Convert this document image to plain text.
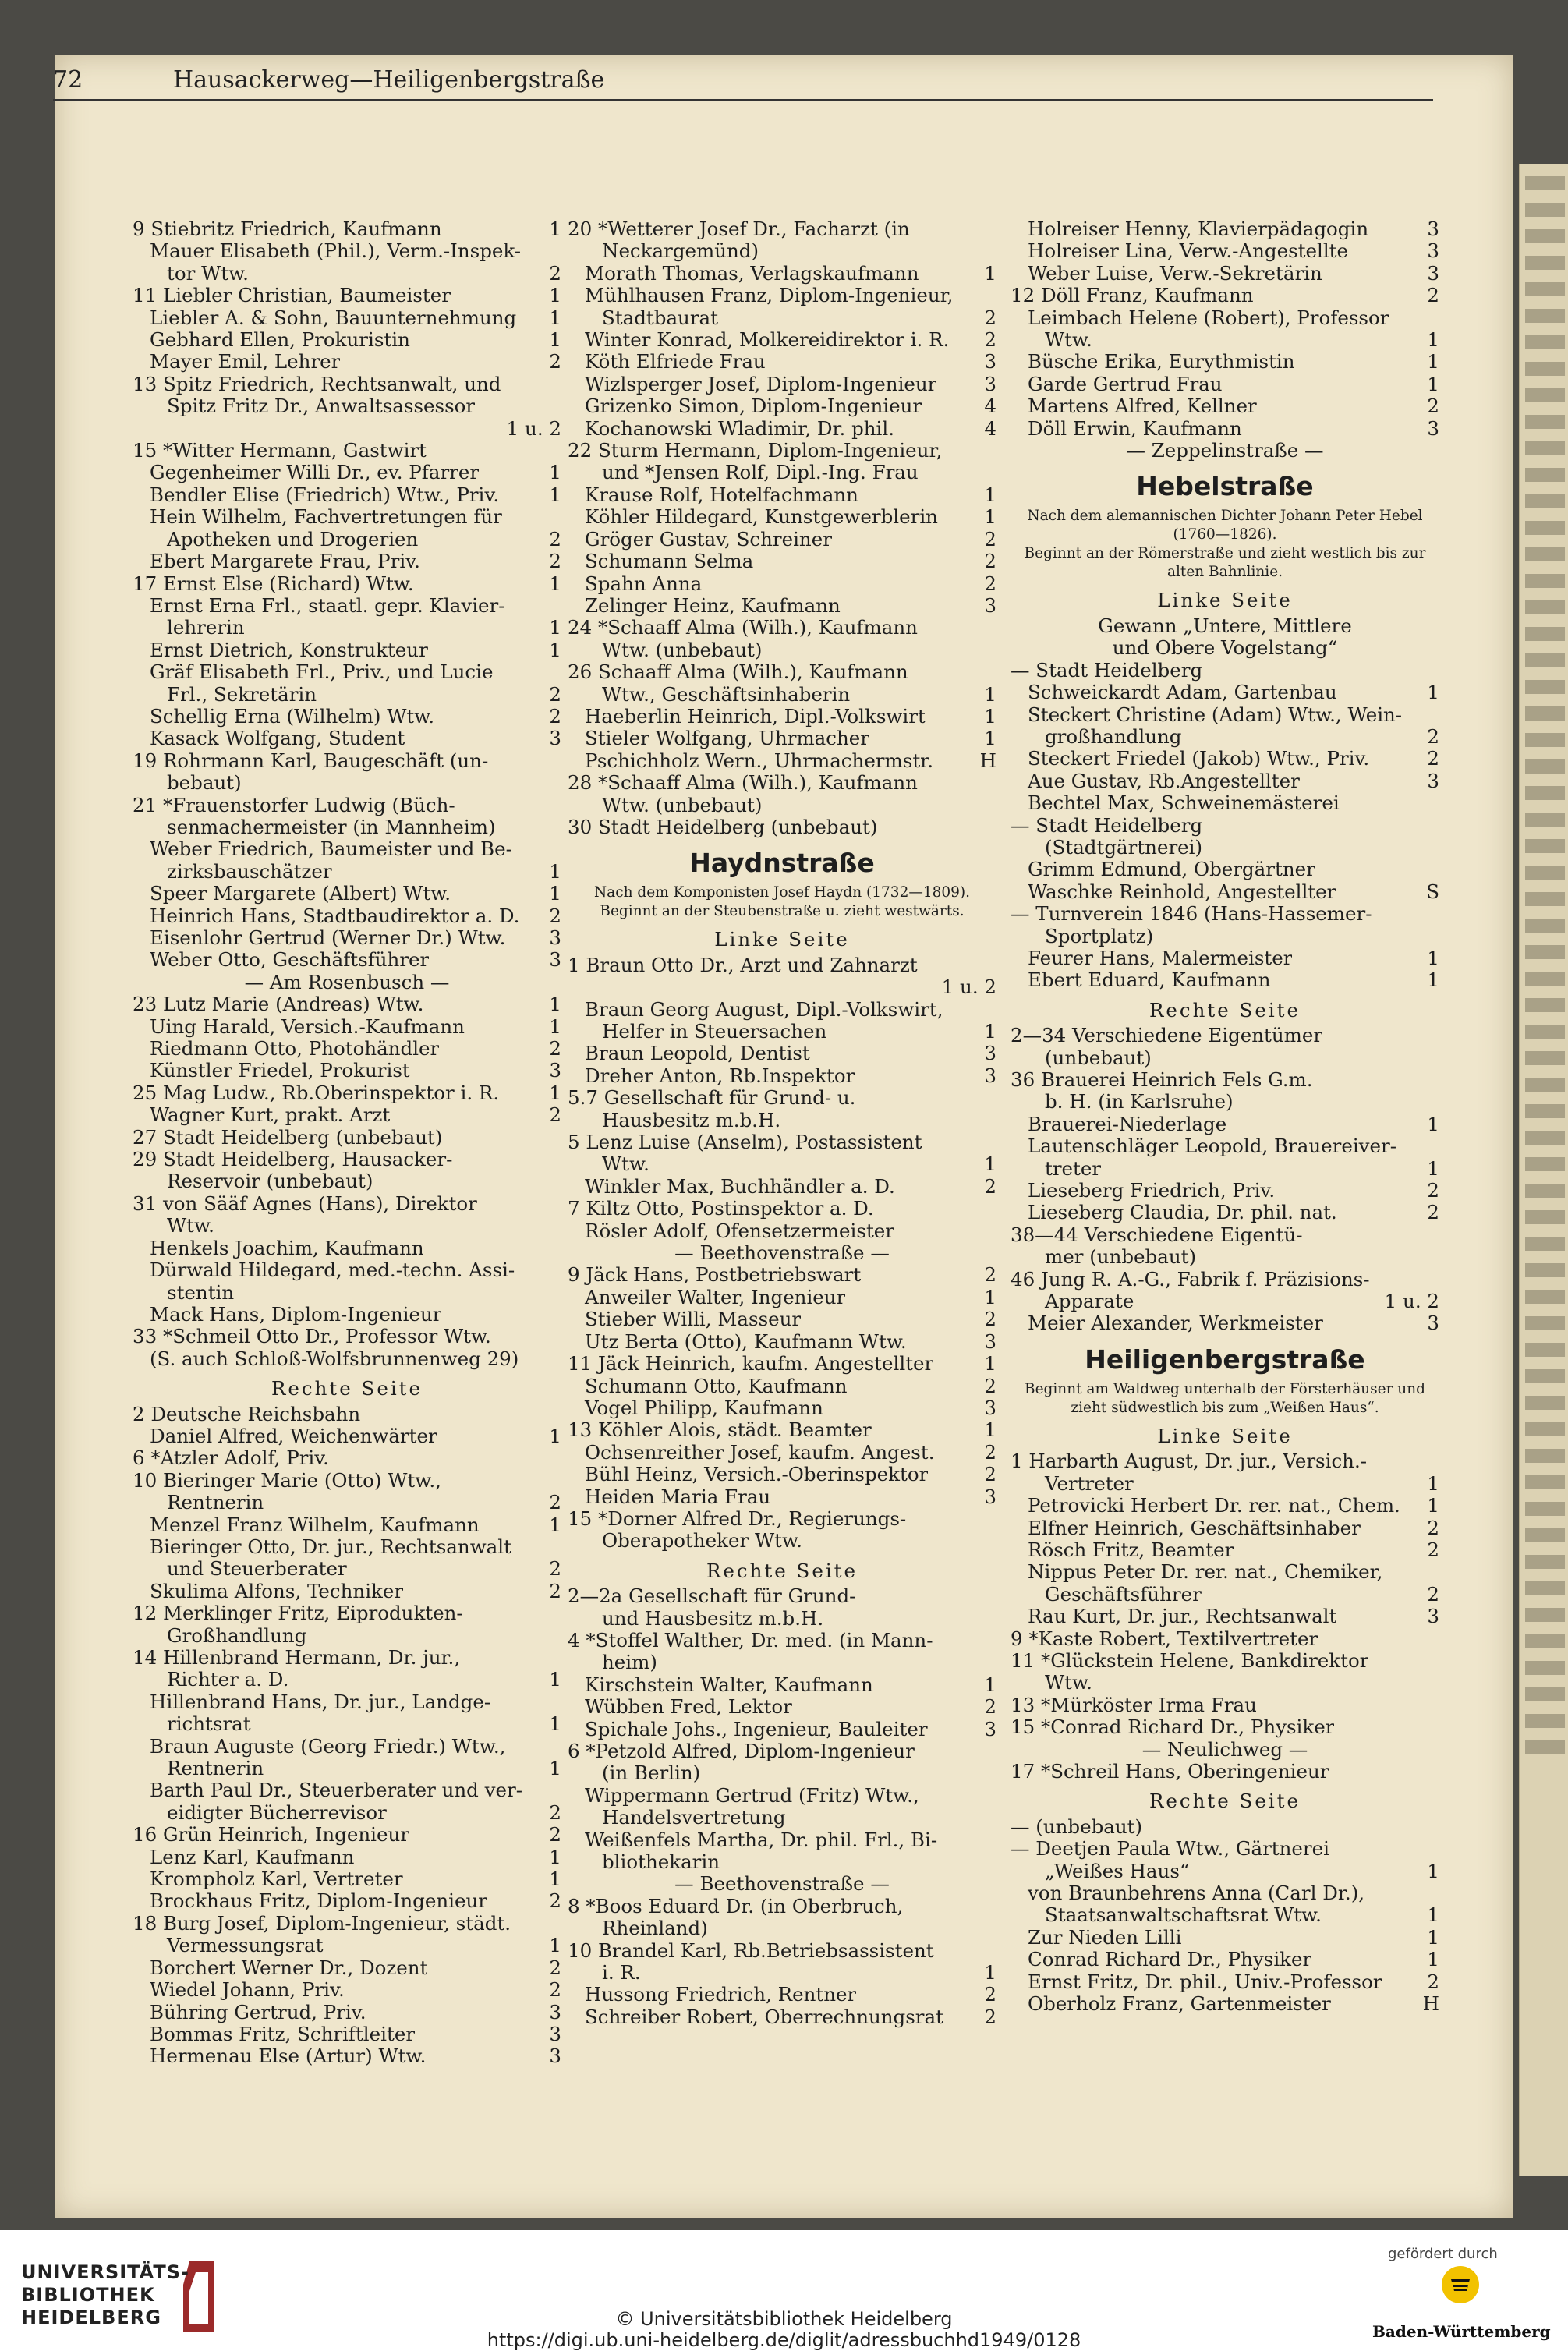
72	Hausackerweg—Heiligenbergstraße
9 Stiebritz Friedrich, Kaufmann	1
Mauer Elisabeth (Phil.), Verm.-Inspek-
tor Wtw.	2
11 Liebler Christian, Baumeister	1
Liebler A. & Sohn, Bauunternehmung 1
Gebhard Ellen, Prokuristin	1
Mayer Emil, Lehrer	2
13 Spitz Friedrich, Rechtsanwalt, und
Spitz Fritz Dr., Anwaltsassessor
1 u. 2
15 *Witter Hermann, Gastwirt
Gegenheimer Willi Dr., ev. Pfarrer	1
Bendler Elise (Friedrich) Wtw., Priv.	1
Hein Wilhelm, Fachvertretungen für
Apotheken und Drogerien	2
Ebert Margarete Frau, Priv.	2
17 Ernst Else (Richard) Wtw.	1
Ernst Erna Frl., staatl. gepr. Klavier-
lehrerin	1
Ernst Dietrich, Konstrukteur	1
Gräf Elisabeth Frl., Priv., und Lucie
Frl., Sekretärin	2
Schellig Erna (Wilhelm) Wtw.	2
Kasack Wolfgang, Student	3
19 Rohrmann Karl, Baugeschäft (un-
bebaut)
21 *Frauenstorfer Ludwig (Büch-
senmachermeister (in Mannheim)
Weber Friedrich, Baumeister und Be-
zirksbauschätzer	1
Speer Margarete (Albert) Wtw.	1
Heinrich Hans, Stadtbaudirektor a. D. 2
Eisenlohr Gertrud (Werner Dr.) Wtw. 3
Weber Otto, Geschäftsführer	3
— Am Rosenbusch —
23 Lutz Marie (Andreas) Wtw.	1
Uing Harald, Versich.-Kaufmann	1
Riedmann Otto, Photohändler	2
Künstler Friedel, Prokurist	3
25 Mag Ludw., Rb.Oberinspektor i. R.	1
Wagner Kurt, prakt. Arzt	2
27 Stadt Heidelberg (unbebaut)
29 Stadt Heidelberg, Hausacker-
Reservoir (unbebaut)
31 von Sääf Agnes (Hans), Direktor
Wtw.
Henkels Joachim, Kaufmann
Dürwald Hildegard, med.-techn. Assi-
stentin
Mack Hans, Diplom-Ingenieur
33 *Schmeil Otto Dr., Professor Wtw.
(S. auch Schloß-Wolfsbrunnenweg 29)
Rechte Seite
2 Deutsche Reichsbahn
Daniel Alfred, Weichenwärter	1
6 *Atzler Adolf, Priv.
10 Bieringer Marie (Otto) Wtw.,
Rentnerin	2
Menzel Franz Wilhelm, Kaufmann	1
Bieringer Otto, Dr. jur., Rechtsanwalt
und Steuerberater	2
Skulima Alfons, Techniker	2
12 Merklinger Fritz, Eiprodukten-
Großhandlung
14 Hillenbrand Hermann, Dr. jur.,
Richter a. D.	1
Hillenbrand Hans, Dr. jur., Landge-
richtsrat	1
Braun Auguste (Georg Friedr.) Wtw.,
Rentnerin	1
Barth Paul Dr., Steuerberater und ver-
eidigter Bücherrevisor	2
16 Grün Heinrich, Ingenieur	2
Lenz Karl, Kaufmann	1
Krompholz Karl, Vertreter	1
Brockhaus Fritz, Diplom-Ingenieur	2
18 Burg Josef, Diplom-Ingenieur, städt.
Vermessungsrat	1
Borchert Werner Dr., Dozent	2
Wiedel Johann, Priv.	2
Bühring Gertrud, Priv.	3
Bommas Fritz, Schriftleiter	3
Hermenau Else (Artur) Wtw.	3
20 *Wetterer Josef Dr., Facharzt (in
Neckargemünd)
Morath Thomas, Verlagskaufmann	1
Mühlhausen Franz, Diplom-Ingenieur,
Stadtbaurat	2
Winter Konrad, Molkereidirektor i. R. 2
Köth Elfriede Frau	3
Wizlsperger Josef, Diplom-Ingenieur 3
Grizenko Simon, Diplom-Ingenieur	4
Kochanowski Wladimir, Dr. phil.	4
22 Sturm Hermann, Diplom-Ingenieur,
und *Jensen Rolf, Dipl.-Ing. Frau
Krause Rolf, Hotelfachmann	1
Köhler Hildegard, Kunstgewerblerin 1
Gröger Gustav, Schreiner	2
Schumann Selma	2
Spahn Anna	2
Zelinger Heinz, Kaufmann	3
24 *Schaaff Alma (Wilh.), Kaufmann
Wtw. (unbebaut)
26 Schaaff Alma (Wilh.), Kaufmann
Wtw., Geschäftsinhaberin	1
Haeberlin Heinrich, Dipl.-Volkswirt	1
Stieler Wolfgang, Uhrmacher	1
Pschichholz Wern., Uhrmachermstr. H
28 *Schaaff Alma (Wilh.), Kaufmann
Wtw. (unbebaut)
30 Stadt Heidelberg (unbebaut)
Haydnstraße
Nach dem Komponisten Josef Haydn (1732—1809). Beginnt an der Steubenstraße u. zieht westwärts.
Linke Seite
1 Braun Otto Dr., Arzt und Zahnarzt
1 u. 2
Braun Georg August, Dipl.-Volkswirt,
Helfer in Steuersachen	1
Braun Leopold, Dentist	3
Dreher Anton, Rb.Inspektor	3
5.7 Gesellschaft für Grund- u.
Hausbesitz m.b.H.
5 Lenz Luise (Anselm), Postassistent
Wtw.	1
Winkler Max, Buchhändler a. D.	2
7 Kiltz Otto, Postinspektor a. D.
Rösler Adolf, Ofensetzermeister
— Beethovenstraße —
9 Jäck Hans, Postbetriebswart	2
Anweiler Walter, Ingenieur	1
Stieber Willi, Masseur	2
Utz Berta (Otto), Kaufmann Wtw.	3
11 Jäck Heinrich, kaufm. Angestellter	1
Schumann Otto, Kaufmann	2
Vogel Philipp, Kaufmann	3
13 Köhler Alois, städt. Beamter	1
Ochsenreither Josef, kaufm. Angest.	2
Bühl Heinz, Versich.-Oberinspektor	2
Heiden Maria Frau	3
15 *Dorner Alfred Dr., Regierungs-
Oberapotheker Wtw.
Rechte Seite
2—2a Gesellschaft für Grund-
und Hausbesitz m.b.H.
4 *Stoffel Walther, Dr. med. (in Mann-
heim)
Kirschstein Walter, Kaufmann	1
Wübben Fred, Lektor	2
Spichale Johs., Ingenieur, Bauleiter	3
6 *Petzold Alfred, Diplom-Ingenieur
(in Berlin)
Wippermann Gertrud (Fritz) Wtw.,
Handelsvertretung
Weißenfels Martha, Dr. phil. Frl., Bi-
bliothekarin
— Beethovenstraße —
8 *Boos Eduard Dr. (in Oberbruch,
Rheinland)
10 Brandel Karl, Rb.Betriebsassistent
i. R.	1
Hussong Friedrich, Rentner	2
Schreiber Robert, Oberrechnungsrat 2
Holreiser Henny, Klavierpädagogin	3
Holreiser Lina, Verw.-Angestellte	3
Weber Luise, Verw.-Sekretärin	3
12 Döll Franz, Kaufmann	2
Leimbach Helene (Robert), Professor
Wtw.	1
Büsche Erika, Eurythmistin	1
Garde Gertrud Frau	1
Martens Alfred, Kellner	2
Döll Erwin, Kaufmann	3
— Zeppelinstraße —
Hebelstraße
Nach dem alemannischen Dichter Johann Peter Hebel (1760—1826).
Beginnt an der Römerstraße und zieht westlich bis zur alten Bahnlinie.
Linke Seite
Gewann „Untere, Mittlere
und Obere Vogelstang“
— Stadt Heidelberg
Schweickardt Adam, Gartenbau	1
Steckert Christine (Adam) Wtw., Wein-
großhandlung	2
Steckert Friedel (Jakob) Wtw., Priv.	2
Aue Gustav, Rb.Angestellter	3
Bechtel Max, Schweinemästerei
— Stadt Heidelberg
(Stadtgärtnerei)
Grimm Edmund, Obergärtner
Waschke Reinhold, Angestellter	S
— Turnverein 1846 (Hans-Hassemer-
Sportplatz)
Feurer Hans, Malermeister	1
Ebert Eduard, Kaufmann	1
Rechte Seite
2—34 Verschiedene Eigentümer
(unbebaut)
36 Brauerei Heinrich Fels G.m.
b. H. (in Karlsruhe)
Brauerei-Niederlage	1
Lautenschläger Leopold, Brauereiver-
treter	1
Lieseberg Friedrich, Priv.	2
Lieseberg Claudia, Dr. phil. nat.	2
38—44 Verschiedene Eigentü-
mer (unbebaut)
46 Jung R. A.-G., Fabrik f. Präzisions-
Apparate	1 u. 2
Meier Alexander, Werkmeister	3
Heiligenbergstraße
Beginnt am Waldweg unterhalb der Försterhäuser und zieht südwestlich bis zum „Weißen Haus“.
Linke Seite
1 Harbarth August, Dr. jur., Versich.-
Vertreter	1
Petrovicki Herbert Dr. rer. nat., Chem. 1
Elfner Heinrich, Geschäftsinhaber	2
Rösch Fritz, Beamter	2
Nippus Peter Dr. rer. nat., Chemiker,
Geschäftsführer	2
Rau Kurt, Dr. jur., Rechtsanwalt	3
9 *Kaste Robert, Textilvertreter
11 *Glückstein Helene, Bankdirektor
Wtw.
13 *Mürköster Irma Frau
15 *Conrad Richard Dr., Physiker
— Neulichweg —
17 *Schreil Hans, Oberingenieur
Rechte Seite
— (unbebaut)
— Deetjen Paula Wtw., Gärtnerei
„Weißes Haus“	1
von Braunbehrens Anna (Carl Dr.),
Staatsanwaltschaftsrat Wtw.	1
Zur Nieden Lilli	1
Conrad Richard Dr., Physiker	1
Ernst Fritz, Dr. phil., Univ.-Professor 2
Oberholz Franz, Gartenmeister	H
UNIVERSITÄTS-
BIBLIOTHEK
HEIDELBERG	© Universitätsbibliothek Heidelberg
https://digi.ub.uni-heidelberg.de/diglit/adressbuchhd1949/0128
gefördert durch
Baden-Württemberg
